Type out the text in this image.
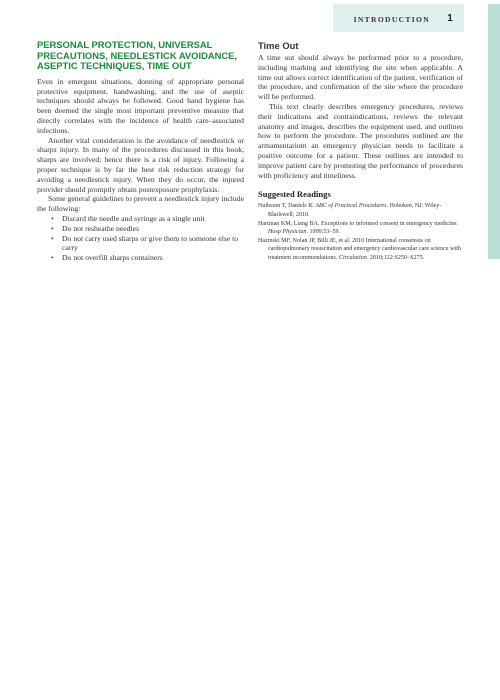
INTRODUCTION 1
PERSONAL PROTECTION, UNIVERSAL PRECAUTIONS, NEEDLESTICK AVOIDANCE, ASEPTIC TECHNIQUES, TIME OUT

Even in emergent situations, donning of appropriate personal protective equipment, handwashing, and the use of aseptic techniques should always be followed. Good hand hygiene has been deemed the single most important preventive measure that directly correlates with the incidence of health care–associated infections.

Another vital consideration is the avoidance of needlestick or sharps injury. In many of the procedures discussed in this book, sharps are involved; hence there is a risk of injury. Following a proper technique is by far the best risk reduction strategy for avoiding a needlestick injury. When they do occur, the injured provider should promptly obtain postexposure prophylaxis.

Some general guidelines to prevent a needlestick injury include the following:

• Discard the needle and syringe as a single unit
• Do not resheathe needles
• Do not carry used sharps or give them to someone else to carry
• Do not overfill sharps containers
Time Out

A time out should always be performed prior to a procedure, including marking and identifying the site when applicable. A time out allows correct identification of the patient, verification of the procedure, and confirmation of the site where the procedure will be performed.

This text clearly describes emergency procedures, reviews their indications and contraindications, reviews the relevant anatomy and images, describes the equipment used, and outlines how to perform the procedure. The procedures outlined are the armamentarium an emergency physician needs to facilitate a positive outcome for a patient. These outlines are intended to improve patient care by promoting the performance of procedures with proficiency and timeliness.

Suggested Readings
Nutbeam T, Daniels R. ABC of Practical Procedures. Hoboken, NJ: Wiley-Blackwell; 2010.
Hartman KM, Liang BA. Exceptions to informed consent in emergency medicine. Hosp Physician. 1999;53–59.
Hazinski MF, Nolan JP, Billi JE, et al. 2010 International consensus on cardiopulmonary resuscitation and emergency cardiovascular care science with treatment recommendations. Circulation. 2010;122:S250–S275.
